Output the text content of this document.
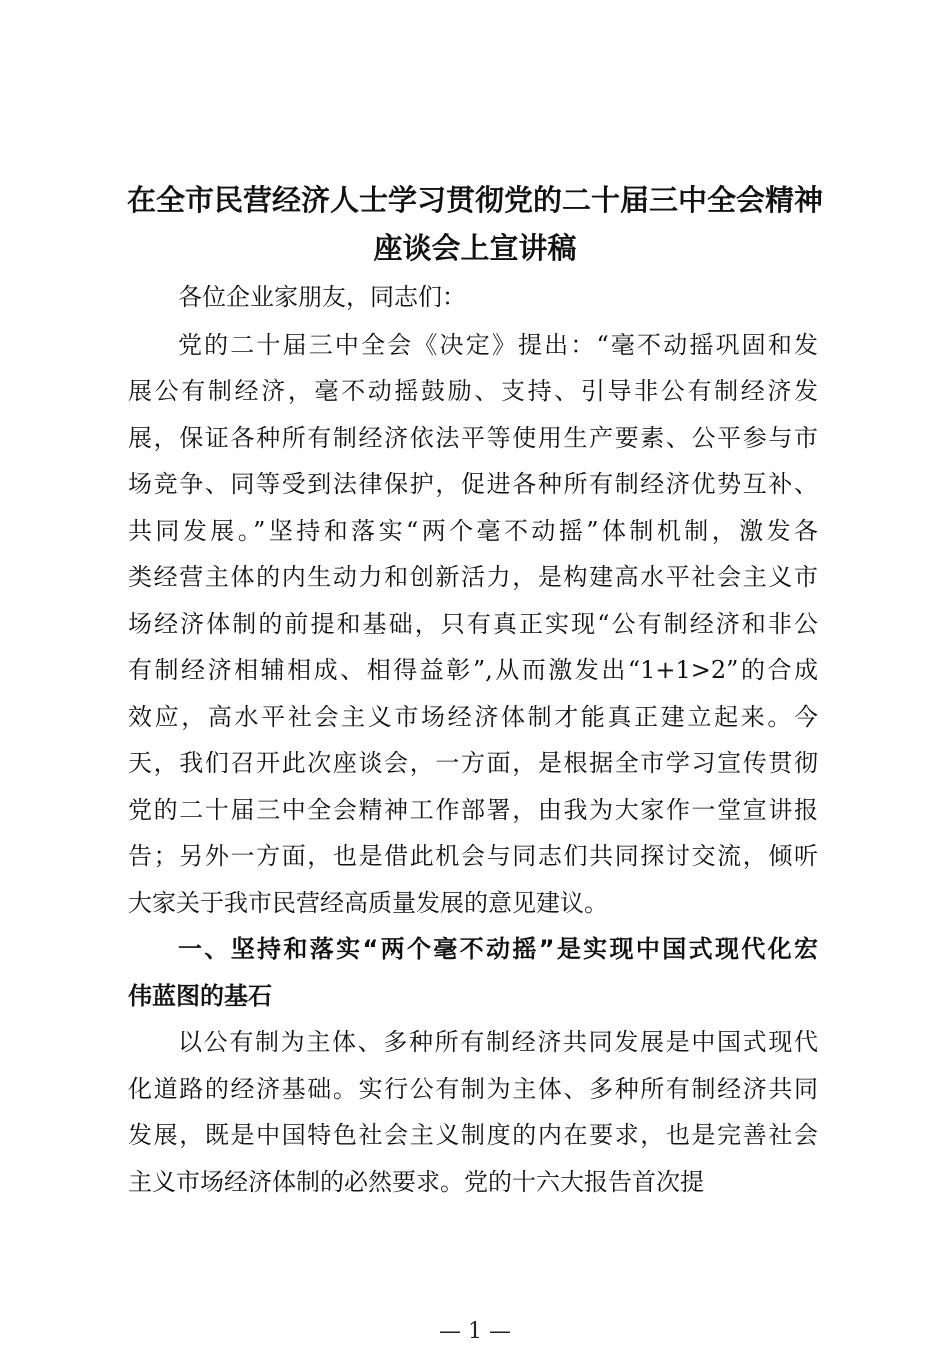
在全市民营经济人士学习贯彻党的二十届三中全会精神
座谈会上宣讲稿

各位企业家朋友，同志们：

党的二十届三中全会《决定》提出：“毫不动摇巩固和发

展公有制经济，毫不动摇鼓励、支持、引导非公有制经济发

展，保证各种所有制经济依法平等使用生产要素、公平参与市

场竞争、同等受到法律保护，促进各种所有制经济优势互补、

共同发展。”坚持和落实“两个毫不动摇”体制机制，激发各

类经营主体的内生动力和创新活力，是构建高水平社会主义市

场经济体制的前提和基础，只有真正实现“公有制经济和非公

有制经济相辅相成、相得益彰”,从而激发出“1+1>2”的合成

效应，高水平社会主义市场经济体制才能真正建立起来。今

天，我们召开此次座谈会，一方面，是根据全市学习宣传贯彻

党的二十届三中全会精神工作部署，由我为大家作一堂宣讲报

告；另外一方面，也是借此机会与同志们共同探讨交流，倾听

大家关于我市民营经高质量发展的意见建议。

一、坚持和落实“两个毫不动摇”是实现中国式现代化宏

伟蓝图的基石

以公有制为主体、多种所有制经济共同发展是中国式现代

化道路的经济基础。实行公有制为主体、多种所有制经济共同

发展，既是中国特色社会主义制度的内在要求，也是完善社会

主义市场经济体制的必然要求。党的十六大报告首次提

— 1 —
